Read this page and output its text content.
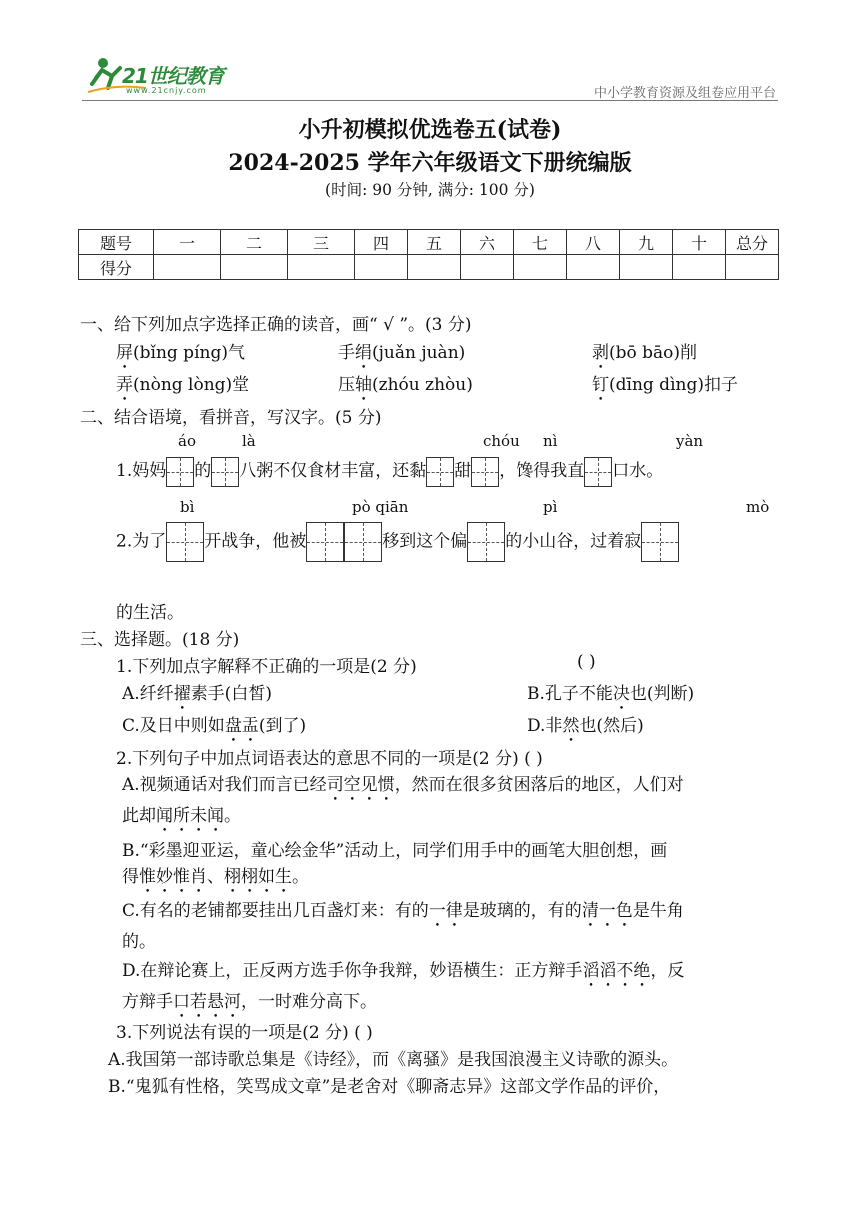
21世纪教育
www.21cnjy.com	中小学教育资源及组卷应用平台
小升初模拟优选卷五(试卷)
2024-2025 学年六年级语文下册统编版
(时间: 90 分钟, 满分: 100 分)
题号	一	二	三	四	五	六	七	八	九	十	总分
得分											
一、给下列加点字选择正确的读音，画“ √ ”。(3 分)
屏(bǐng píng)气	手绢(juǎn juàn)	剥(bō bāo)削
弄(nòng lòng)堂	压轴(zhóu zhòu)	钉(dīng dìng)扣子
二、结合语境，看拼音，写汉字。(5 分)
áo	là	chóu nì	yàn
1.妈妈 的 八粥不仅食材丰富，还黏 甜 ，馋得我直 口水。
bì	pò qiān	pì	mò
2.为了 开战争，他被	移到这个偏 的小山谷，过着寂
的生活。
三、选择题。(18 分)
1.下列加点字解释不正确的一项是(2 分)	( )
A.纤纤擢素手(白皙)	B.孔子不能决也(判断)
C.及日中则如盘盂(到了)	D.非然也(然后)
2.下列句子中加点词语表达的意思不同的一项是(2 分) ( )
A.视频通话对我们而言已经司空见惯，然而在很多贫困落后的地区，人们对
此却闻所未闻。
B.“彩墨迎亚运，童心绘金华”活动上，同学们用手中的画笔大胆创想，画
得惟妙惟肖、栩栩如生。
C.有名的老铺都要挂出几百盏灯来：有的一律是玻璃的，有的清一色是牛角
的。
D.在辩论赛上，正反两方选手你争我辩，妙语横生：正方辩手滔滔不绝，反
方辩手口若悬河，一时难分高下。
3.下列说法有误的一项是(2 分) ( )
A.我国第一部诗歌总集是《诗经》，而《离骚》是我国浪漫主义诗歌的源头。
B.“鬼狐有性格，笑骂成文章”是老舍对《聊斋志异》这部文学作品的评价，
